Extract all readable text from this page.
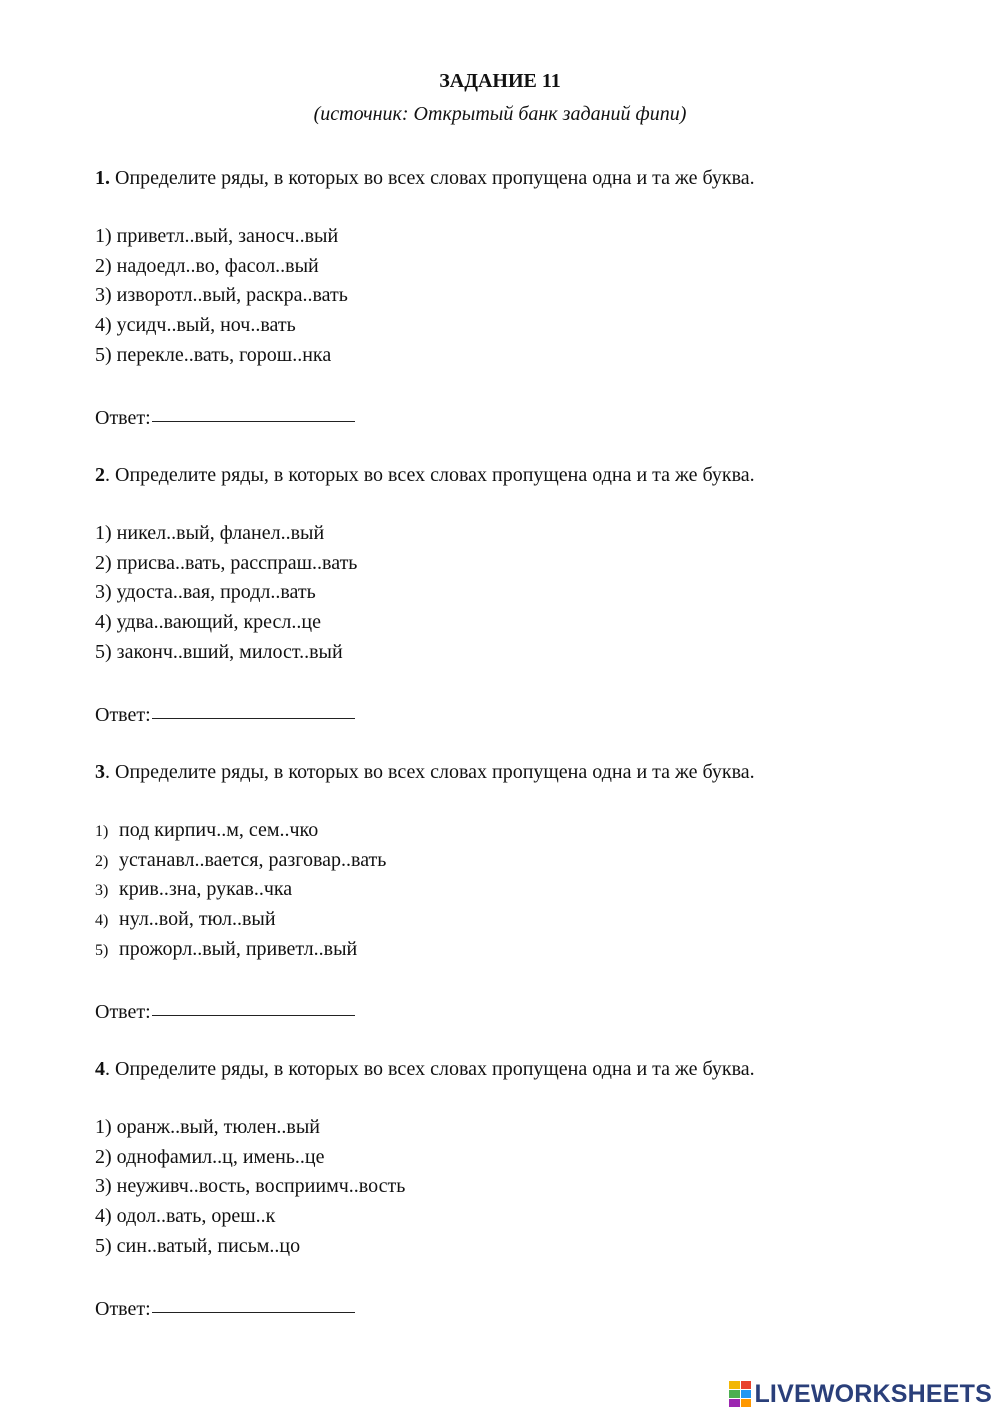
ЗАДАНИЕ 11
(источник: Открытый банк заданий фипи)
1. Определите ряды, в которых во всех словах пропущена одна и та же буква.
1) приветл..вый, заносч..вый
2) надоедл..во, фасол..вый
3) изворотл..вый, раскра..вать
4) усидч..вый, ноч..вать
5) перекле..вать, горош..нка
Ответ:
2. Определите ряды, в которых во всех словах пропущена одна и та же буква.
1) никел..вый, фланел..вый
2) присва..вать, расспраш..вать
3) удоста..вая, продл..вать
4) удва..вающий, кресл..це
5) законч..вший, милост..вый
Ответ:
3. Определите ряды, в которых во всех словах пропущена одна и та же буква.
1) под кирпич..м, сем..чко
2) устанавл..вается, разговар..вать
3) крив..зна, рукав..чка
4) нул..вой, тюл..вый
5) прожорл..вый, приветл..вый
Ответ:
4. Определите ряды, в которых во всех словах пропущена одна и та же буква.
1) оранж..вый, тюлен..вый
2) однофамил..ц, имень..це
3) неуживч..вость, восприимч..вость
4) одол..вать, ореш..к
5) син..ватый, письм..цо
Ответ:
LIVEWORKSHEETS
